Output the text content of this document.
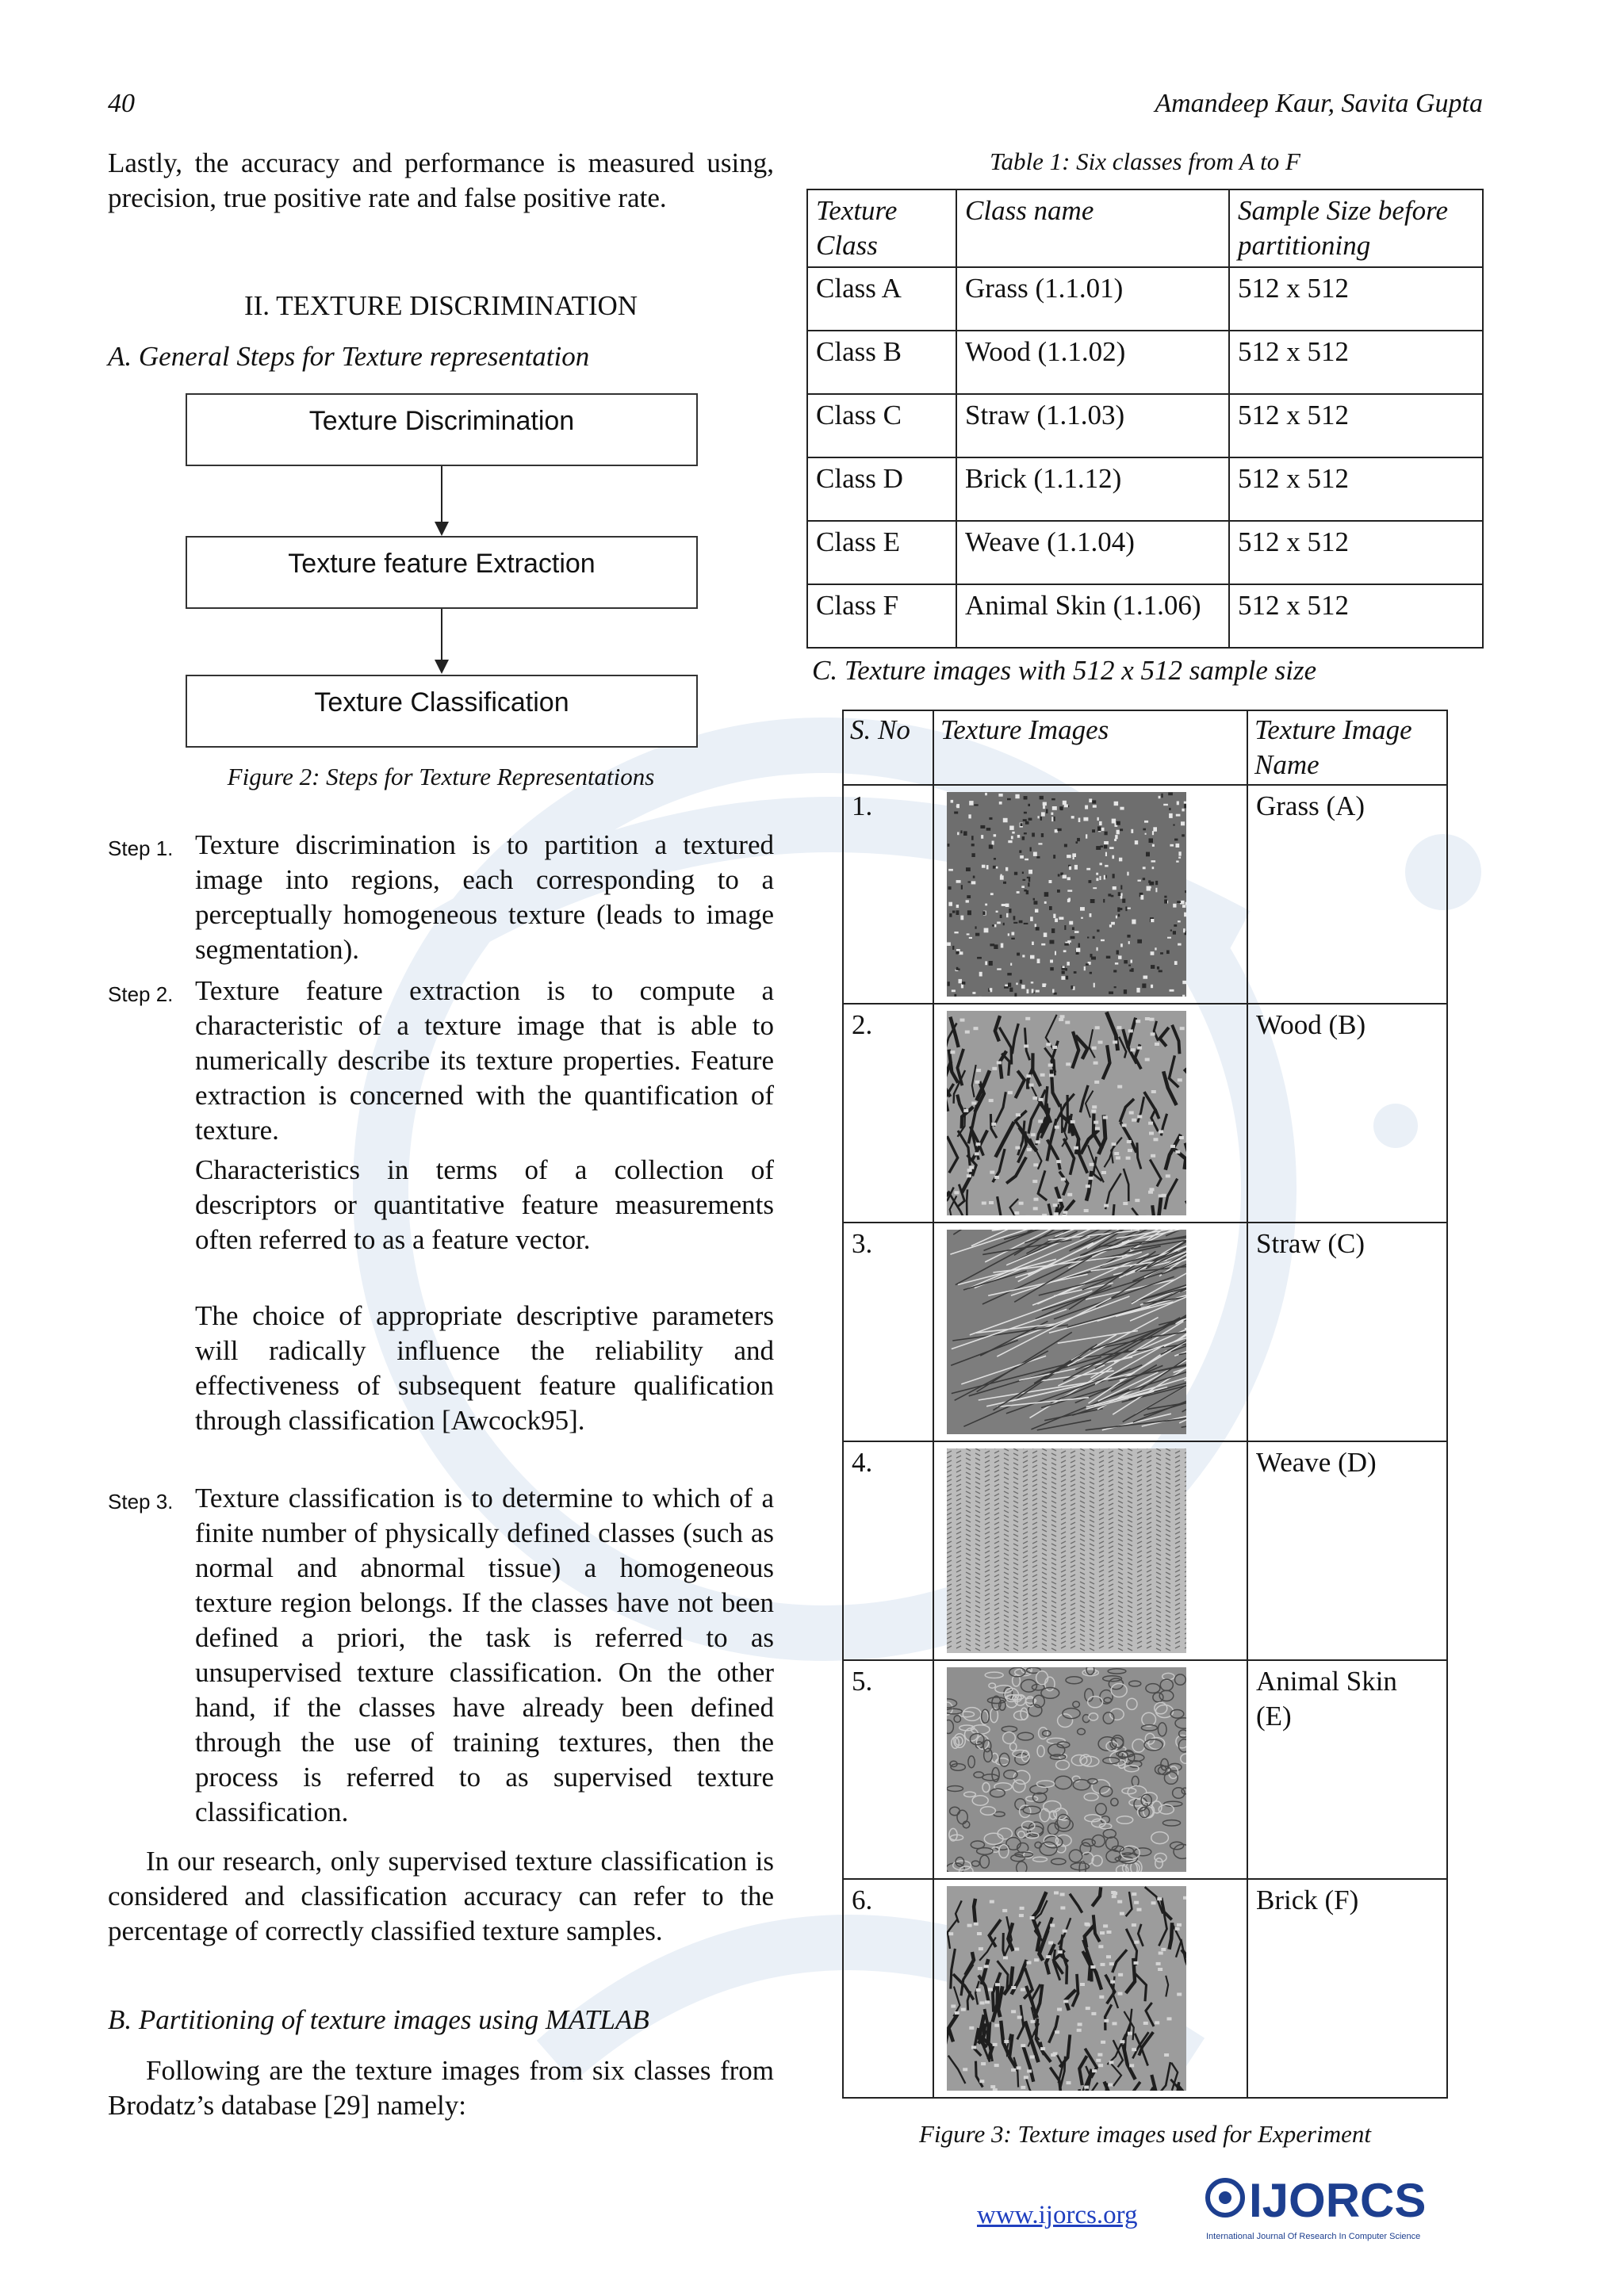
40	Amandeep Kaur, Savita Gupta

Lastly, the accuracy and performance is measured using, precision, true positive rate and false positive rate.

II. TEXTURE DISCRIMINATION
A. General Steps for Texture representation
Texture Discrimination
Texture feature Extraction
Texture Classification
Figure 2: Steps for Texture Representations
Step 1. Texture discrimination is to partition a textured image into regions, each corresponding to a perceptually homogeneous texture (leads to image segmentation).
Step 2. Texture feature extraction is to compute a characteristic of a texture image that is able to numerically describe its texture properties. Feature extraction is concerned with the quantification of texture.

Characteristics in terms of a collection of descriptors or quantitative feature measurements often referred to as a feature vector.

The choice of appropriate descriptive parameters will radically influence the reliability and effectiveness of subsequent feature qualification through classification [Awcock95].

Step 3. Texture classification is to determine to which of a finite number of physically defined classes (such as normal and abnormal tissue) a homogeneous texture region belongs. If the classes have not been defined a priori, the task is referred to as unsupervised texture classification. On the other hand, if the classes have already been defined through the use of training textures, then the process is referred to as supervised texture classification.

In our research, only supervised texture classification is considered and classification accuracy can refer to the percentage of correctly classified texture samples.

B. Partitioning of texture images using MATLAB

Following are the texture images from six classes from Brodatz’s database [29] namely:

Table 1: Six classes from A to F
Texture Class	Class name	Sample Size before partitioning
Class A	Grass (1.1.01)	512 x 512
Class B	Wood (1.1.02)	512 x 512
Class C	Straw (1.1.03)	512 x 512
Class D	Brick (1.1.12)	512 x 512
Class E	Weave (1.1.04)	512 x 512
Class F	Animal Skin (1.1.06)	512 x 512
C. Texture images with 512 x 512 sample size
S. No	Texture Images	Texture Image Name
1.		Grass (A)
2.		Wood (B)
3.		Straw (C)
4.		Weave (D)
5.		Animal Skin (E)
6.		Brick (F)
Figure 3: Texture images used for Experiment
www.ijorcs.org IJORCS
International Journal Of Research In Computer Science
